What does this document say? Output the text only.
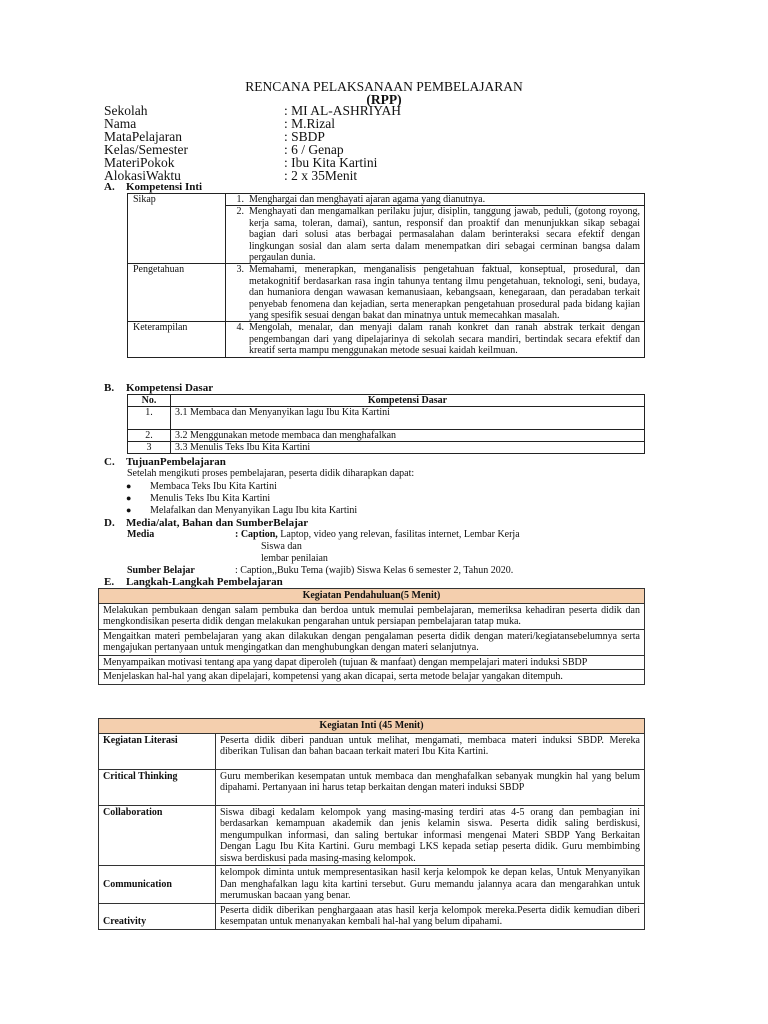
RENCANA PELAKSANAAN PEMBELAJARAN
(RPP)
Sekolah	: MI AL-ASHRIYAH
Nama	: M.Rizal
MataPelajaran	: SBDP
Kelas/Semester	: 6 / Genap
MateriPokok	: Ibu Kita Kartini
AlokasiWaktu	: 2 x 35Menit
A. Kompetensi Inti
Sikap	1.	Menghargai dan menghayati ajaran agama yang dianutnya.
	2.	Menghayati dan mengamalkan perilaku jujur, disiplin, tanggung jawab, peduli, (gotong royong, kerja sama, toleran, damai), santun, responsif dan proaktif dan menunjukkan sikap sebagai bagian dari solusi atas berbagai permasalahan dalam berinteraksi secara efektif dengan lingkungan sosial dan alam serta dalam menempatkan diri sebagai cerminan bangsa dalam pergaulan dunia.
Pengetahuan	3.	Memahami, menerapkan, menganalisis pengetahuan faktual, konseptual, prosedural, dan metakognitif berdasarkan rasa ingin tahunya tentang ilmu pengetahuan, teknologi, seni, budaya, dan humaniora dengan wawasan kemanusiaan, kebangsaan, kenegaraan, dan peradaban terkait penyebab fenomena dan kejadian, serta menerapkan pengetahuan prosedural pada bidang kajian yang spesifik sesuai dengan bakat dan minatnya untuk memecahkan masalah.
Keterampilan	4.	Mengolah, menalar, dan menyaji dalam ranah konkret dan ranah abstrak terkait dengan pengembangan dari yang dipelajarinya di sekolah secara mandiri, bertindak secara efektif dan kreatif serta mampu menggunakan metode sesuai kaidah keilmuan.
B. Kompetensi Dasar
No.	Kompetensi Dasar
1.	3.1 Membaca dan Menyanyikan lagu Ibu Kita Kartini
2.	3.2 Menggunakan metode membaca dan menghafalkan
3	3.3 Menulis Teks Ibu Kita Kartini
C. TujuanPembelajaran
Setelah mengikuti proses pembelajaran, peserta didik diharapkan dapat:
● Membaca Teks Ibu Kita Kartini
● Menulis Teks Ibu Kita Kartini
● Melafalkan dan Menyanyikan Lagu Ibu kita Kartini
D. Media/alat, Bahan dan SumberBelajar
Media	: Caption, Laptop, video yang relevan, fasilitas internet, Lembar Kerja
Siswa dan
lembar penilaian
Sumber Belajar	: Caption,,Buku Tema (wajib) Siswa Kelas 6 semester 2, Tahun 2020.
E. Langkah-Langkah Pembelajaran
Kegiatan Pendahuluan(5 Menit)
Melakukan pembukaan dengan salam pembuka dan berdoa untuk memulai pembelajaran, memeriksa kehadiran peserta didik dan mengkondisikan peserta didik dengan melakukan pengarahan untuk persiapan pembelajaran tatap muka.
Mengaitkan materi pembelajaran yang akan dilakukan dengan pengalaman peserta didik dengan materi/kegiatansebelumnya serta mengajukan pertanyaan untuk mengingatkan dan menghubungkan dengan materi selanjutnya.
Menyampaikan motivasi tentang apa yang dapat diperoleh (tujuan & manfaat) dengan mempelajari materi induksi SBDP
Menjelaskan hal-hal yang akan dipelajari, kompetensi yang akan dicapai, serta metode belajar yangakan ditempuh.
Kegiatan Inti (45 Menit)	
Kegiatan Literasi	Peserta didik diberi panduan untuk melihat, mengamati, membaca materi induksi SBDP. Mereka diberikan Tulisan dan bahan bacaan terkait materi Ibu Kita Kartini.
Critical Thinking	Guru memberikan kesempatan untuk membaca dan menghafalkan sebanyak mungkin hal yang belum dipahami. Pertanyaan ini harus tetap berkaitan dengan materi induksi SBDP
Collaboration	Siswa dibagi kedalam kelompok yang masing-masing terdiri atas 4-5 orang dan pembagian ini berdasarkan kemampuan akademik dan jenis kelamin siswa. Peserta didik saling berdiskusi, mengumpulkan informasi, dan saling bertukar informasi mengenai Materi SBDP Yang Berkaitan Dengan Lagu Ibu Kita Kartini. Guru membagi LKS kepada setiap peserta didik. Guru membimbing siswa berdiskusi pada masing-masing kelompok.
Communication	kelompok diminta untuk mempresentasikan hasil kerja kelompok ke depan kelas, Untuk Menyanyikan Dan menghafalkan lagu kita kartini tersebut. Guru memandu jalannya acara dan mengarahkan untuk merumuskan bacaan yang benar.
Creativity	Peserta didik diberikan penghargaaan atas hasil kerja kelompok mereka.Peserta didik kemudian diberi kesempatan untuk menanyakan kembali hal-hal yang belum dipahami.
